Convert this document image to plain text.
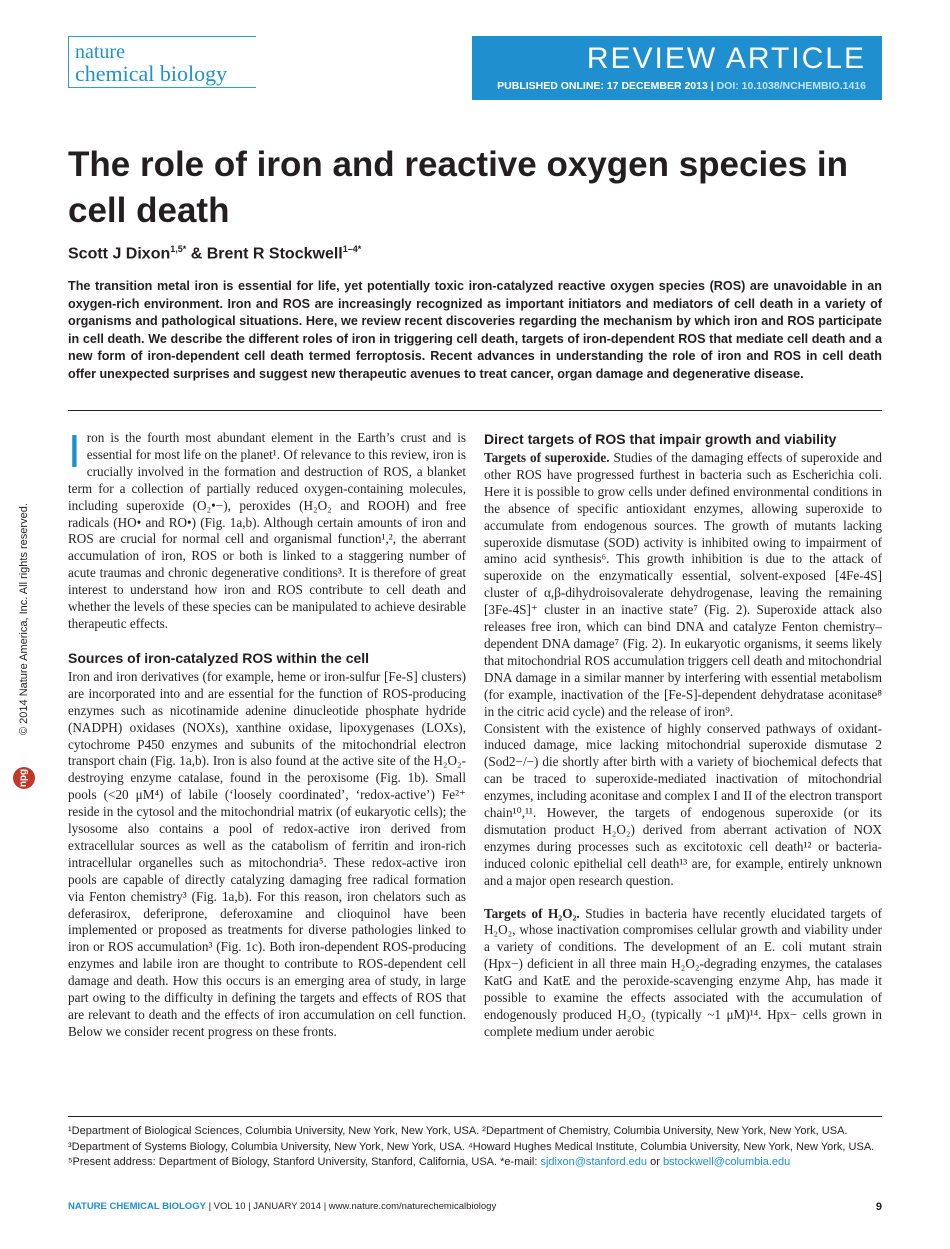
nature
chemical biology	REVIEW ARTICLE
PUBLISHED ONLINE: 17 DECEMBER 2013 | DOI: 10.1038/NCHEMBIO.1416
The role of iron and reactive oxygen species in cell death
Scott J Dixon$^{1,5*}$ & Brent R Stockwell$^{1-4*}$

The transition metal iron is essential for life, yet potentially toxic iron-catalyzed reactive oxygen species (ROS) are unavoidable in an oxygen-rich environment. Iron and ROS are increasingly recognized as important initiators and mediators of cell death in a variety of organisms and pathological situations. Here, we review recent discoveries regarding the mechanism by which iron and ROS participate in cell death. We describe the different roles of iron in triggering cell death, targets of iron-dependent ROS that mediate cell death and a new form of iron-dependent cell death termed ferroptosis. Recent advances in understanding the role of iron and ROS in cell death offer unexpected surprises and suggest new therapeutic avenues to treat cancer, organ damage and degenerative disease.

© 2014 Nature America, Inc. All rights reserved.
npg

Iron is the fourth most abundant element in the Earth’s crust and is essential for most life on the planet¹. Of relevance to this review, iron is crucially involved in the formation and destruction of ROS, a blanket term for a collection of partially reduced oxygen-containing molecules, including superoxide (O₂•−), peroxides (H₂O₂ and ROOH) and free radicals (HO• and RO•) (Fig. 1a,b). Although certain amounts of iron and ROS are crucial for normal cell and organismal function¹,², the aberrant accumulation of iron, ROS or both is linked to a staggering number of acute traumas and chronic degenerative conditions³. It is therefore of great interest to understand how iron and ROS contribute to cell death and whether the levels of these species can be manipulated to achieve desirable therapeutic effects.

Sources of iron-catalyzed ROS within the cell

Iron and iron derivatives (for example, heme or iron-sulfur [Fe-S] clusters) are incorporated into and are essential for the function of ROS-producing enzymes such as nicotinamide adenine dinucleotide phosphate hydride (NADPH) oxidases (NOXs), xanthine oxidase, lipoxygenases (LOXs), cytochrome P450 enzymes and subunits of the mitochondrial electron transport chain (Fig. 1a,b). Iron is also found at the active site of the H₂O₂-destroying enzyme catalase, found in the peroxisome (Fig. 1b). Small pools (<20 μM⁴) of labile (‘loosely coordinated’, ‘redox-active’) Fe²⁺ reside in the cytosol and the mitochondrial matrix (of eukaryotic cells); the lysosome also contains a pool of redox-active iron derived from extracellular sources as well as the catabolism of ferritin and iron-rich intracellular organelles such as mitochondria⁵. These redox-active iron pools are capable of directly catalyzing damaging free radical formation via Fenton chemistry³ (Fig. 1a,b). For this reason, iron chelators such as deferasirox, deferiprone, deferoxamine and clioquinol have been implemented or proposed as treatments for diverse pathologies linked to iron or ROS accumulation³ (Fig. 1c). Both iron-dependent ROS-producing enzymes and labile iron are thought to contribute to ROS-dependent cell damage and death. How this occurs is an emerging area of study, in large part owing to the difficulty in defining the targets and effects of ROS that are relevant to death and the effects of iron accumulation on cell function. Below we consider recent progress on these fronts.

Direct targets of ROS that impair growth and viability

Targets of superoxide. Studies of the damaging effects of superoxide and other ROS have progressed furthest in bacteria such as Escherichia coli. Here it is possible to grow cells under defined environmental conditions in the absence of specific antioxidant enzymes, allowing superoxide to accumulate from endogenous sources. The growth of mutants lacking superoxide dismutase (SOD) activity is inhibited owing to impairment of amino acid synthesis⁶. This growth inhibition is due to the attack of superoxide on the enzymatically essential, solvent-exposed [4Fe-4S] cluster of α,β-dihydroisovalerate dehydrogenase, leaving the remaining [3Fe-4S]⁺ cluster in an inactive state⁷ (Fig. 2). Superoxide attack also releases free iron, which can bind DNA and catalyze Fenton chemistry–dependent DNA damage⁷ (Fig. 2). In eukaryotic organisms, it seems likely that mitochondrial ROS accumulation triggers cell death and mitochondrial DNA damage in a similar manner by interfering with essential metabolism (for example, inactivation of the [Fe-S]-dependent dehydratase aconitase⁸ in the citric acid cycle) and the release of iron⁹.

Consistent with the existence of highly conserved pathways of oxidant-induced damage, mice lacking mitochondrial superoxide dismutase 2 (Sod2−/−) die shortly after birth with a variety of biochemical defects that can be traced to superoxide-mediated inactivation of mitochondrial enzymes, including aconitase and complex I and II of the electron transport chain¹⁰,¹¹. However, the targets of endogenous superoxide (or its dismutation product H₂O₂) derived from aberrant activation of NOX enzymes during processes such as excitotoxic cell death¹² or bacteria-induced colonic epithelial cell death¹³ are, for example, entirely unknown and a major open research question.

Targets of H₂O₂. Studies in bacteria have recently elucidated targets of H₂O₂, whose inactivation compromises cellular growth and viability under a variety of conditions. The development of an E. coli mutant strain (Hpx−) deficient in all three main H₂O₂-degrading enzymes, the catalases KatG and KatE and the peroxide-scavenging enzyme Ahp, has made it possible to examine the effects associated with the accumulation of endogenously produced H₂O₂ (typically ~1 μM)¹⁴. Hpx− cells grown in complete medium under aerobic

¹Department of Biological Sciences, Columbia University, New York, New York, USA. ²Department of Chemistry, Columbia University, New York, New York, USA. ³Department of Systems Biology, Columbia University, New York, New York, USA. ⁴Howard Hughes Medical Institute, Columbia University, New York, New York, USA. ⁵Present address: Department of Biology, Stanford University, Stanford, California, USA. *e-mail: sjdixon@stanford.edu or bstockwell@columbia.edu

NATURE CHEMICAL BIOLOGY | VOL 10 | JANUARY 2014 | www.nature.com/naturechemicalbiology	9
